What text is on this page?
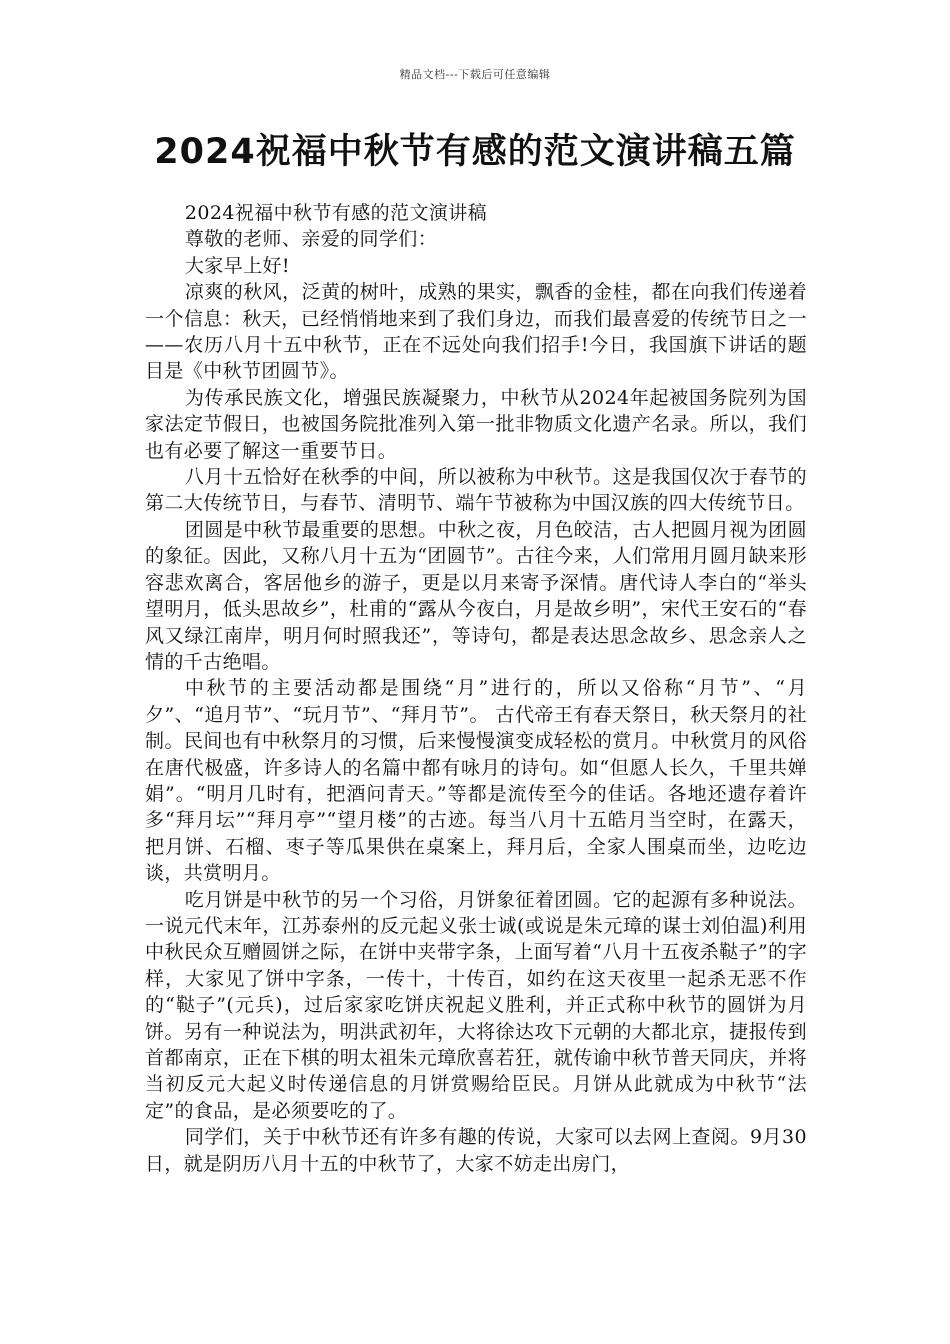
精品文档---下载后可任意编辑
2024祝福中秋节有感的范文演讲稿五篇

2024祝福中秋节有感的范文演讲稿

尊敬的老师、亲爱的同学们：

大家早上好!

凉爽的秋风，泛黄的树叶，成熟的果实，飘香的金桂，都在向我们传递着一个信息：秋天，已经悄悄地来到了我们身边，而我们最喜爱的传统节日之一——农历八月十五中秋节，正在不远处向我们招手!今日，我国旗下讲话的题目是《中秋节团圆节》。

为传承民族文化，增强民族凝聚力，中秋节从2024年起被国务院列为国家法定节假日，也被国务院批准列入第一批非物质文化遗产名录。所以，我们也有必要了解这一重要节日。

八月十五恰好在秋季的中间，所以被称为中秋节。这是我国仅次于春节的第二大传统节日，与春节、清明节、端午节被称为中国汉族的四大传统节日。

团圆是中秋节最重要的思想。中秋之夜，月色皎洁，古人把圆月视为团圆的象征。因此，又称八月十五为“团圆节”。古往今来，人们常用月圆月缺来形容悲欢离合，客居他乡的游子，更是以月来寄予深情。唐代诗人李白的“举头望明月，低头思故乡”，杜甫的“露从今夜白，月是故乡明”，宋代王安石的“春风又绿江南岸，明月何时照我还”，等诗句，都是表达思念故乡、思念亲人之情的千古绝唱。

中秋节的主要活动都是围绕“月”进行的，所以又俗称“月节”、“月夕”、“追月节”、“玩月节”、“拜月节”。 古代帝王有春天祭日，秋天祭月的社制。民间也有中秋祭月的习惯，后来慢慢演变成轻松的赏月。中秋赏月的风俗在唐代极盛，许多诗人的名篇中都有咏月的诗句。如“但愿人长久，千里共婵娟”。“明月几时有，把酒问青天。”等都是流传至今的佳话。各地还遗存着许多“拜月坛”“拜月亭”“望月楼”的古迹。每当八月十五皓月当空时，在露天，把月饼、石榴、枣子等瓜果供在桌案上，拜月后，全家人围桌而坐，边吃边谈，共赏明月。

吃月饼是中秋节的另一个习俗，月饼象征着团圆。它的起源有多种说法。一说元代末年，江苏泰州的反元起义张士诚(或说是朱元璋的谋士刘伯温)利用中秋民众互赠圆饼之际，在饼中夹带字条，上面写着“八月十五夜杀鞑子”的字样，大家见了饼中字条，一传十，十传百，如约在这天夜里一起杀无恶不作的“鞑子”(元兵)，过后家家吃饼庆祝起义胜利，并正式称中秋节的圆饼为月饼。另有一种说法为，明洪武初年，大将徐达攻下元朝的大都北京，捷报传到首都南京，正在下棋的明太祖朱元璋欣喜若狂，就传谕中秋节普天同庆，并将当初反元大起义时传递信息的月饼赏赐给臣民。月饼从此就成为中秋节“法定”的食品，是必须要吃的了。

同学们，关于中秋节还有许多有趣的传说，大家可以去网上查阅。9月30日，就是阴历八月十五的中秋节了，大家不妨走出房门，
